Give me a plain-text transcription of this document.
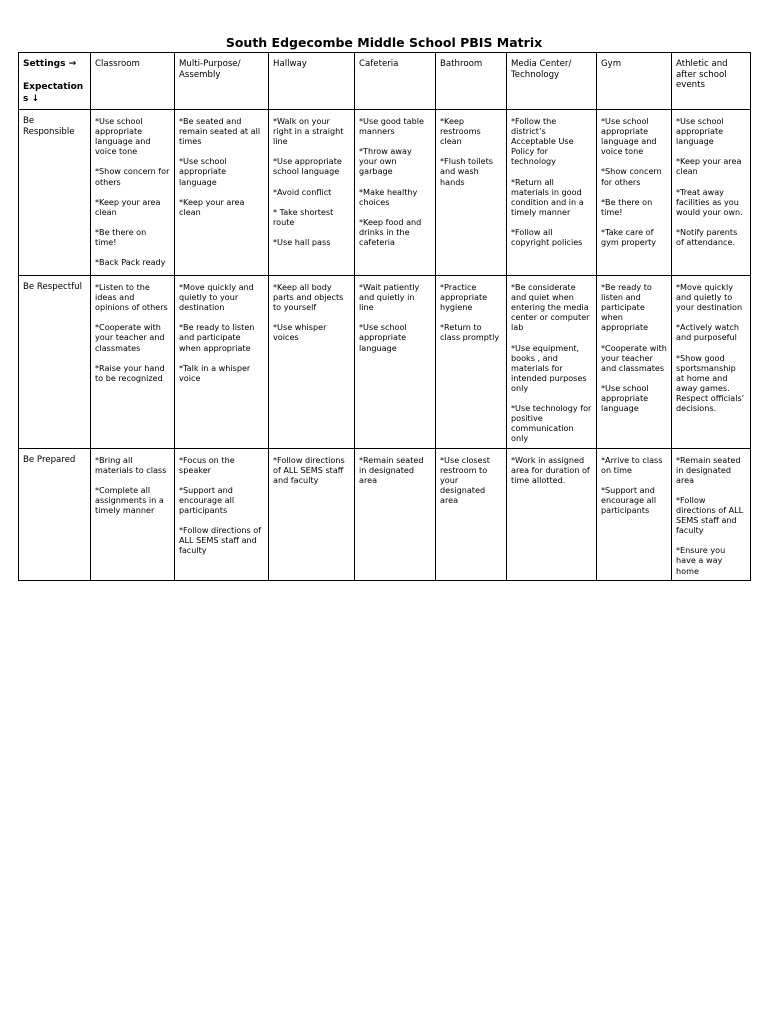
South Edgecombe Middle School PBIS Matrix
Settings →
Expectations ↓	Classroom	Multi-Purpose/ Assembly	Hallway	Cafeteria	Bathroom	Media Center/ Technology	Gym	Athletic and after school events
Be Responsible	*Use school appropriate language and voice tone
*Show concern for others
*Keep your area clean
*Be there on time!
*Back Pack ready	*Be seated and remain seated at all times
*Use school appropriate language
*Keep your area clean	*Walk on your right in a straight line
*Use appropriate school language
*Avoid conflict
* Take shortest route
*Use hall pass	*Use good table manners
*Throw away your own garbage
*Make healthy choices
*Keep food and drinks in the cafeteria	*Keep restrooms clean
*Flush toilets and wash hands	*Follow the district’s Acceptable Use Policy for technology
*Return all materials in good condition and in a timely manner
*Follow all copyright policies	*Use school appropriate language and voice tone
*Show concern for others
*Be there on time!
*Take care of gym property	*Use school appropriate language
*Keep your area clean
*Treat away facilities as you would your own.
*Notify parents of attendance.

Be Respectful	*Listen to the ideas and opinions of others
*Cooperate with your teacher and classmates
*Raise your hand to be recognized	*Move quickly and quietly to your destination
*Be ready to listen and participate when appropriate
*Talk in a whisper voice	*Keep all body parts and objects to yourself
*Use whisper voices	*Wait patiently and quietly in line
*Use school appropriate language	*Practice appropriate hygiene
*Return to class promptly	*Be considerate and quiet when entering the media center or computer lab
*Use equipment, books , and materials for intended purposes only
*Use technology for positive communication only	*Be ready to listen and participate when appropriate
*Cooperate with your teacher and classmates
*Use school appropriate language	*Move quickly and quietly to your destination
*Actively watch and purposeful
*Show good sportsmanship at home and away games. Respect officials’ decisions.

Be Prepared	*Bring all materials to class
*Complete all assignments in a timely manner	*Focus on the speaker
*Support and encourage all participants
*Follow directions of ALL SEMS staff and faculty	*Follow directions of ALL SEMS staff and faculty	*Remain seated in designated area	*Use closest restroom to your designated area	*Work in assigned area for duration of time allotted.	*Arrive to class on time
*Support and encourage all participants	*Remain seated in designated area
*Follow directions of ALL SEMS staff and faculty
*Ensure you have a way home
